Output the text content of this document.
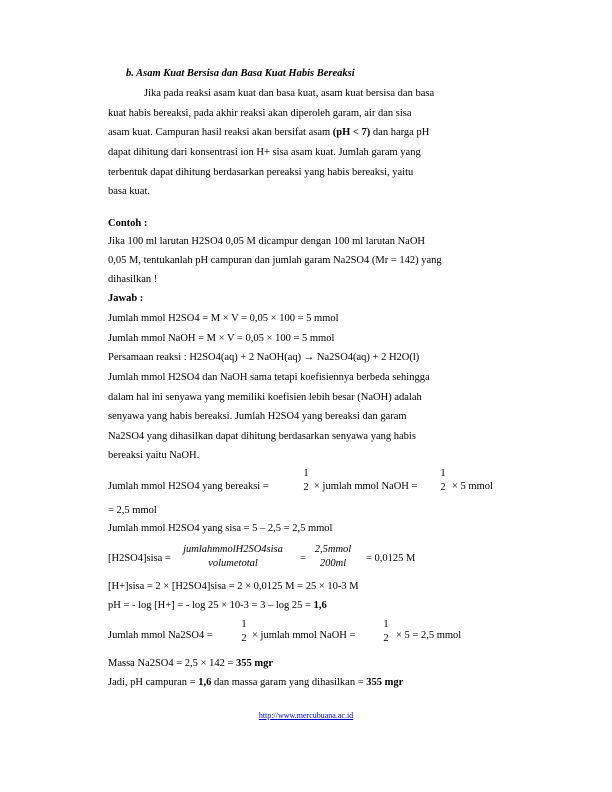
b. Asam Kuat Bersisa dan Basa Kuat Habis Bereaksi
Jika pada reaksi asam kuat dan basa kuat, asam kuat bersisa dan basa
kuat habis bereaksi, pada akhir reaksi akan diperoleh garam, air dan sisa
asam kuat. Campuran hasil reaksi akan bersifat asam (pH < 7) dan harga pH
dapat dihitung dari konsentrasi ion H+ sisa asam kuat. Jumlah garam yang
terbentuk dapat dihitung berdasarkan pereaksi yang habis bereaksi, yaitu
basa kuat.
Contoh :
Jika 100 ml larutan H2SO4 0,05 M dicampur dengan 100 ml larutan NaOH
0,05 M, tentukanlah pH campuran dan jumlah garam Na2SO4 (Mr = 142) yang
dihasilkan !
Jawab :
Jumlah mmol H2SO4 = M × V = 0,05 × 100 = 5 mmol
Jumlah mmol NaOH = M × V = 0,05 × 100 = 5 mmol
Persamaan reaksi : H2SO4(aq) + 2 NaOH(aq) → Na2SO4(aq) + 2 H2O(l)
Jumlah mmol H2SO4 dan NaOH sama tetapi koefisiennya berbeda sehingga
dalam hal ini senyawa yang memiliki koefisien lebih besar (NaOH) adalah
senyawa yang habis bereaksi. Jumlah H2SO4 yang bereaksi dan garam
Na2SO4 yang dihasilkan dapat dihitung berdasarkan senyawa yang habis
bereaksi yaitu NaOH.
Jumlah mmol H2SO4 yang bereaksi =
1
2 × jumlah mmol NaOH =
1
2 × 5 mmol
= 2,5 mmol
Jumlah mmol H2SO4 yang sisa = 5 – 2,5 = 2,5 mmol
[H2SO4]sisa =
jumlahmmolH2SO4sisa
volumetotal	=
2,5mmol
200ml	= 0,0125 M
[H+]sisa = 2 × [H2SO4]sisa = 2 × 0,0125 M = 25 × 10-3 M
pH = - log [H+] = - log 25 × 10-3 = 3 – log 25 = 1,6
Jumlah mmol Na2SO4 =
1
2 × jumlah mmol NaOH =
1
2 × 5 = 2,5 mmol
Massa Na2SO4 = 2,5 × 142 = 355 mgr
Jadi, pH campuran = 1,6 dan massa garam yang dihasilkan = 355 mgr
http://www.mercubuana.ac.id
